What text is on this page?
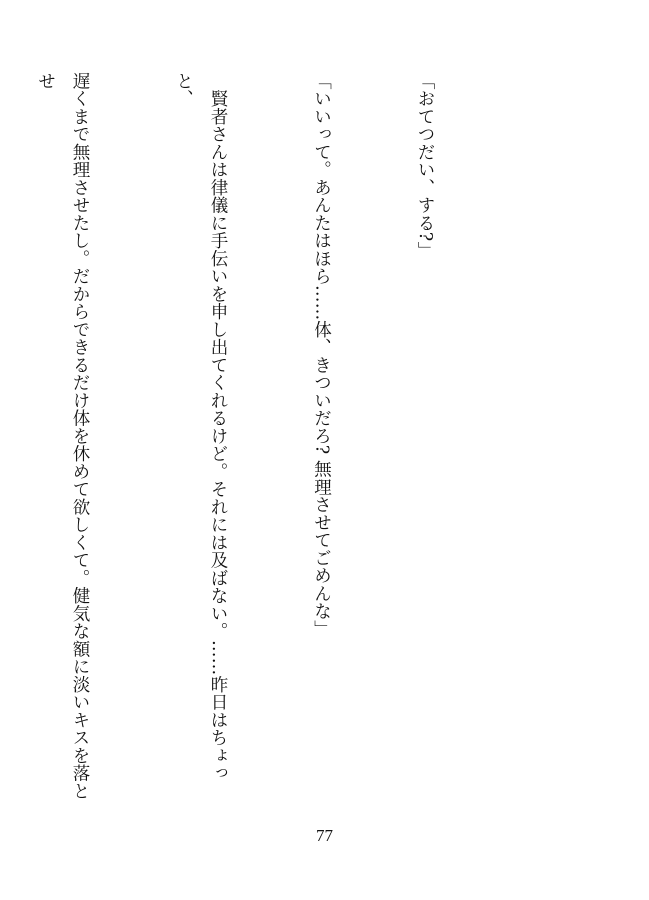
「おてつだい、する?」

「いいって。あんたはほら……体、きついだろ? 無理させてごめんな」

　賢者さんは律儀に手伝いを申し出てくれるけど。それには及ばない。……昨日はちょっと、

遅くまで無理させたし。だからできるだけ体を休めて欲しくて。健気な額に淡いキスを落とせ

77
